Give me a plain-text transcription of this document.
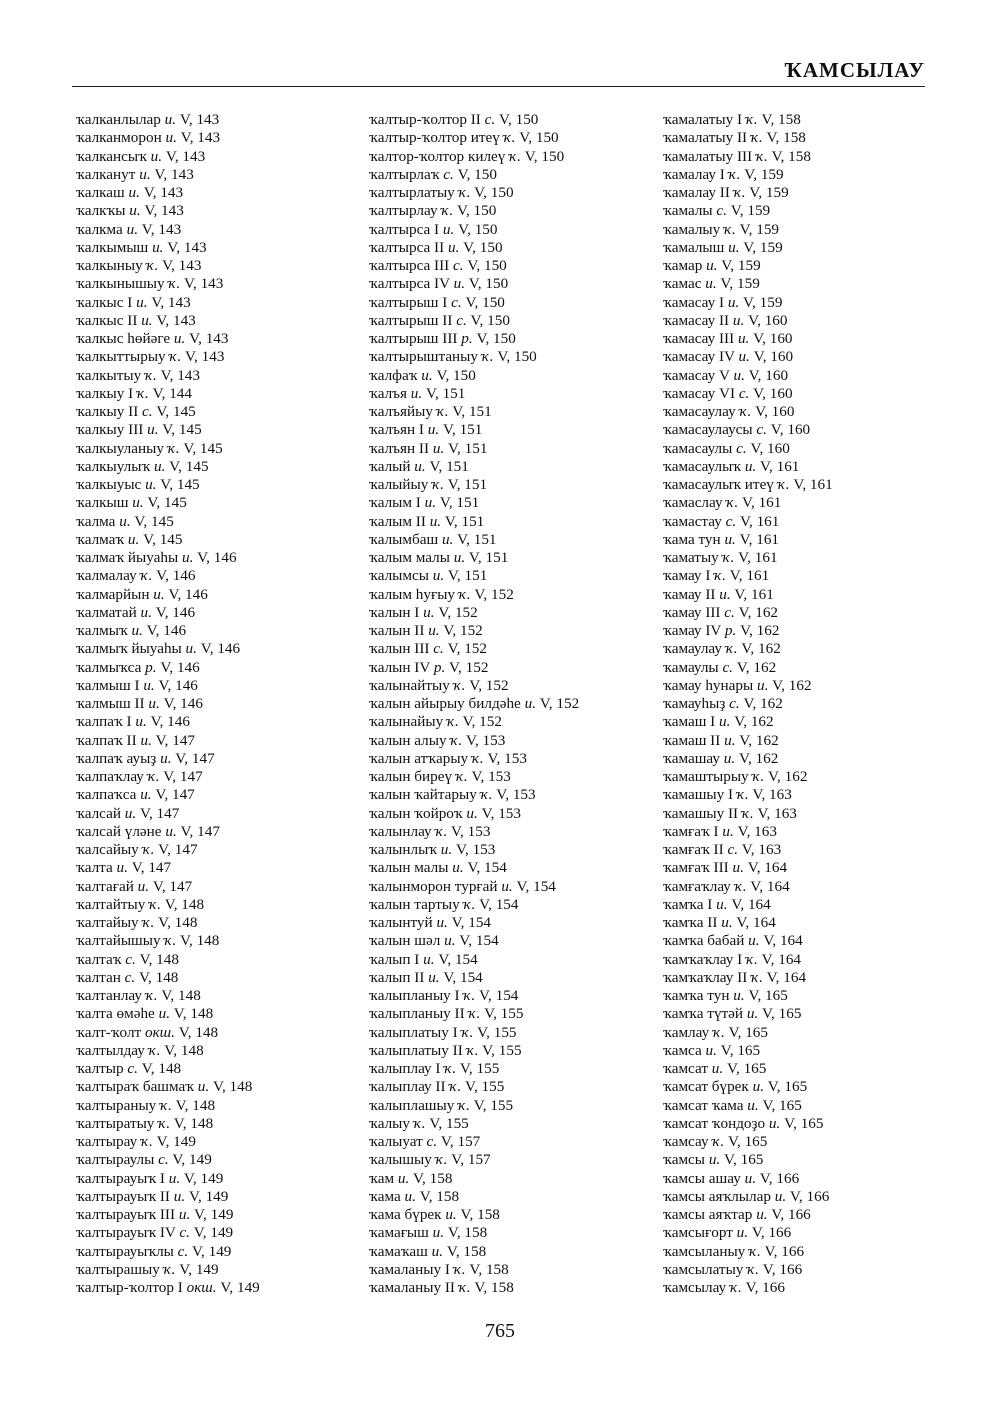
ҠАМСЫЛАУ
ҡалканлылар и. V, 143
ҡалканморон и. V, 143
ҡалкансыҡ и. V, 143
ҡалканут и. V, 143
ҡалкаш и. V, 143
ҡалкҡы и. V, 143
ҡалкма и. V, 143
ҡалкымыш и. V, 143
ҡалкыныу ҡ. V, 143
ҡалкынышыу ҡ. V, 143
ҡалкыс I и. V, 143
ҡалкыс II и. V, 143
ҡалкыс һөйәге и. V, 143
ҡалкыттырыу ҡ. V, 143
ҡалкытыу ҡ. V, 143
ҡалкыу I ҡ. V, 144
ҡалкыу II с. V, 145
ҡалкыу III и. V, 145
ҡалкыуланыу ҡ. V, 145
ҡалкыулыҡ и. V, 145
ҡалкыуыс и. V, 145
ҡалкыш и. V, 145
ҡалма и. V, 145
ҡалмаҡ и. V, 145
ҡалмаҡ йыуаһы и. V, 146
ҡалмалау ҡ. V, 146
ҡалмарйын и. V, 146
ҡалматай и. V, 146
ҡалмыҡ и. V, 146
ҡалмыҡ йыуаһы и. V, 146
ҡалмыҡса р. V, 146
ҡалмыш I и. V, 146
ҡалмыш II и. V, 146
ҡалпаҡ I и. V, 146
ҡалпаҡ II и. V, 147
ҡалпаҡ ауыҙ и. V, 147
ҡалпаҡлау ҡ. V, 147
ҡалпаҡса и. V, 147
ҡалсай и. V, 147
ҡалсай үләнe и. V, 147
ҡалсайыу ҡ. V, 147
ҡалта и. V, 147
ҡалтағай и. V, 147
ҡалтайтыу ҡ. V, 148
ҡалтайыу ҡ. V, 148
ҡалтайышыу ҡ. V, 148
ҡалтаҡ с. V, 148
ҡалтан с. V, 148
ҡалтанлау ҡ. V, 148
ҡалта өмәһе и. V, 148
ҡалт-ҡолт окш. V, 148
ҡалтылдау ҡ. V, 148
ҡалтыр с. V, 148
ҡалтыраҡ башмаҡ и. V, 148
ҡалтыраныу ҡ. V, 148
ҡалтыратыу ҡ. V, 148
ҡалтырау ҡ. V, 149
ҡалтыраулы с. V, 149
ҡалтырауыҡ I и. V, 149
ҡалтырауыҡ II и. V, 149
ҡалтырауыҡ III и. V, 149
ҡалтырауыҡ IV с. V, 149
ҡалтырауыҡлы с. V, 149
ҡалтырашыу ҡ. V, 149
ҡалтыр-ҡолтор I окш. V, 149
ҡалтыр-ҡолтор II с. V, 150
ҡалтыр-ҡолтор итеү ҡ. V, 150
ҡалтор-ҡолтор килеү ҡ. V, 150
ҡалтырлаҡ с. V, 150
ҡалтырлатыу ҡ. V, 150
ҡалтырлау ҡ. V, 150
ҡалтырса I и. V, 150
ҡалтырса II и. V, 150
ҡалтырса III с. V, 150
ҡалтырса IV и. V, 150
ҡалтырыш I с. V, 150
ҡалтырыш II с. V, 150
ҡалтырыш III р. V, 150
ҡалтырыштаныу ҡ. V, 150
ҡалфаҡ и. V, 150
ҡалъя и. V, 151
ҡалъяйыу ҡ. V, 151
ҡалъян I и. V, 151
ҡалъян II и. V, 151
ҡалый и. V, 151
ҡалыйыу ҡ. V, 151
ҡалым I и. V, 151
ҡалым II и. V, 151
ҡалымбаш и. V, 151
ҡалым малы и. V, 151
ҡалымсы и. V, 151
ҡалым һуғыу ҡ. V, 152
ҡалын I и. V, 152
ҡалын II и. V, 152
ҡалын III с. V, 152
ҡалын IV р. V, 152
ҡалынайтыу ҡ. V, 152
ҡалын айырыу билдәһе и. V, 152
ҡалынайыу ҡ. V, 152
ҡалын алыу ҡ. V, 153
ҡалын атҡарыу ҡ. V, 153
ҡалын биреү ҡ. V, 153
ҡалын ҡайтарыу ҡ. V, 153
ҡалын ҡойроҡ и. V, 153
ҡалынлау ҡ. V, 153
ҡалынлыҡ и. V, 153
ҡалын малы и. V, 154
ҡалынморон турғай и. V, 154
ҡалын тартыу ҡ. V, 154
ҡалынтуй и. V, 154
ҡалын шәл и. V, 154
ҡалып I и. V, 154
ҡалып II и. V, 154
ҡалыпланыу I ҡ. V, 154
ҡалыпланыу II ҡ. V, 155
ҡалыплатыу I ҡ. V, 155
ҡалыплатыу II ҡ. V, 155
ҡалыплау I ҡ. V, 155
ҡалыплау II ҡ. V, 155
ҡалыплашыу ҡ. V, 155
ҡалыу ҡ. V, 155
ҡалыуат с. V, 157
ҡалышыу ҡ. V, 157
ҡам и. V, 158
ҡама и. V, 158
ҡама бүрек и. V, 158
ҡамағыш и. V, 158
ҡамаҡаш и. V, 158
ҡамаланыу I ҡ. V, 158
ҡамаланыу II ҡ. V, 158
ҡамалатыу I ҡ. V, 158
ҡамалатыу II ҡ. V, 158
ҡамалатыу III ҡ. V, 158
ҡамалау I ҡ. V, 159
ҡамалау II ҡ. V, 159
ҡамалы с. V, 159
ҡамалыу ҡ. V, 159
ҡамалыш и. V, 159
ҡамар и. V, 159
ҡамас и. V, 159
ҡамасау I и. V, 159
ҡамасау II и. V, 160
ҡамасау III и. V, 160
ҡамасау IV и. V, 160
ҡамасау V и. V, 160
ҡамасау VI с. V, 160
ҡамасаулау ҡ. V, 160
ҡамасаулаусы с. V, 160
ҡамасаулы с. V, 160
ҡамасаулыҡ и. V, 161
ҡамасаулыҡ итеү ҡ. V, 161
ҡамаслау ҡ. V, 161
ҡамастау с. V, 161
ҡама тун и. V, 161
ҡаматыу ҡ. V, 161
ҡамау I ҡ. V, 161
ҡамау II и. V, 161
ҡамау III с. V, 162
ҡамау IV р. V, 162
ҡамаулау ҡ. V, 162
ҡамаулы с. V, 162
ҡамау һунары и. V, 162
ҡамауһыҙ с. V, 162
ҡамаш I и. V, 162
ҡамаш II и. V, 162
ҡамашау и. V, 162
ҡамаштырыу ҡ. V, 162
ҡамашыу I ҡ. V, 163
ҡамашыу II ҡ. V, 163
ҡамғаҡ I и. V, 163
ҡамғаҡ II с. V, 163
ҡамғаҡ III и. V, 164
ҡамғаҡлау ҡ. V, 164
ҡамҡа I и. V, 164
ҡамҡа II и. V, 164
ҡамҡа бабай и. V, 164
ҡамҡаҡлау I ҡ. V, 164
ҡамҡаҡлау II ҡ. V, 164
ҡамҡа тун и. V, 165
ҡамҡа түтәй и. V, 165
ҡамлау ҡ. V, 165
ҡамса и. V, 165
ҡамсат и. V, 165
ҡамсат бүрек и. V, 165
ҡамсат ҡама и. V, 165
ҡамсат ҡондоҙо и. V, 165
ҡамсау ҡ. V, 165
ҡамсы и. V, 165
ҡамсы ашау и. V, 166
ҡамсы аяҡлылар и. V, 166
ҡамсы аяҡтар и. V, 166
ҡамсығорт и. V, 166
ҡамсыланыу ҡ. V, 166
ҡамсылатыу ҡ. V, 166
ҡамсылау ҡ. V, 166
765
